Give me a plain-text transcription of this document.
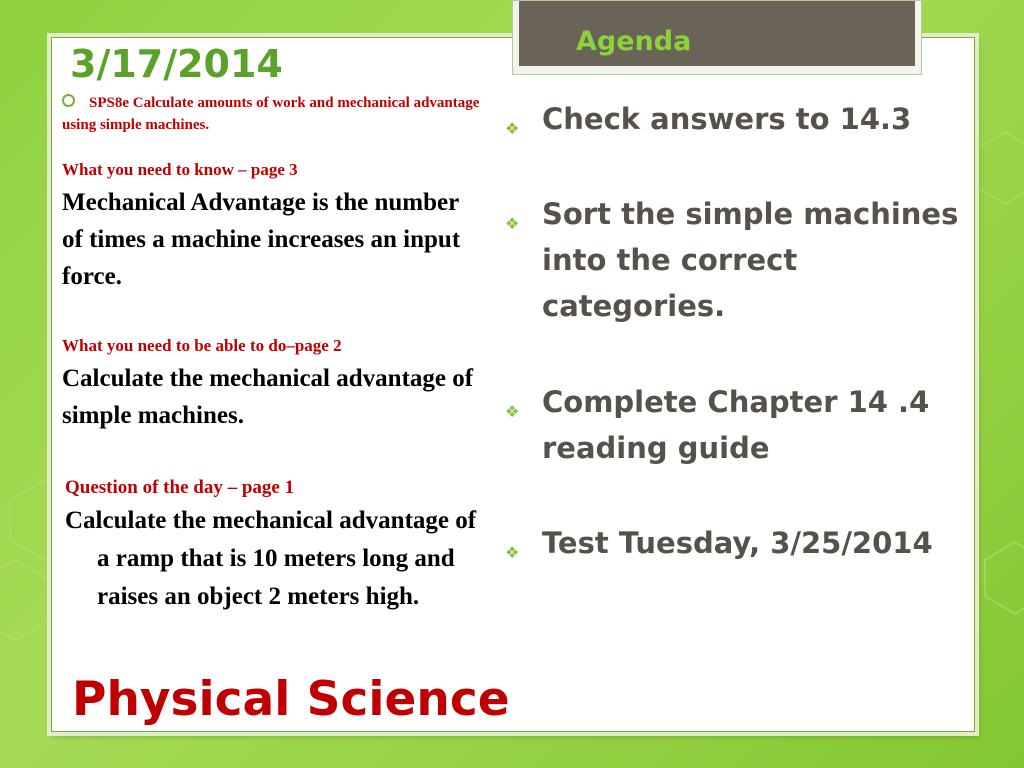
Agenda
3/17/2014
SPS8e Calculate amounts of work and mechanical advantage using simple machines.
What you need to know – page 3
Mechanical Advantage is the number of times a machine increases an input force.
What you need to be able to do–page 2
Calculate the mechanical advantage of simple machines.
Question of the day – page 1
Calculate the mechanical advantage of a ramp that is 10 meters long and raises an object 2 meters high.
Physical Science
❖ Check answers to 14.3
❖ Sort the simple machines into the correct categories.
❖ Complete Chapter 14 .4 reading guide
❖ Test Tuesday, 3/25/2014
